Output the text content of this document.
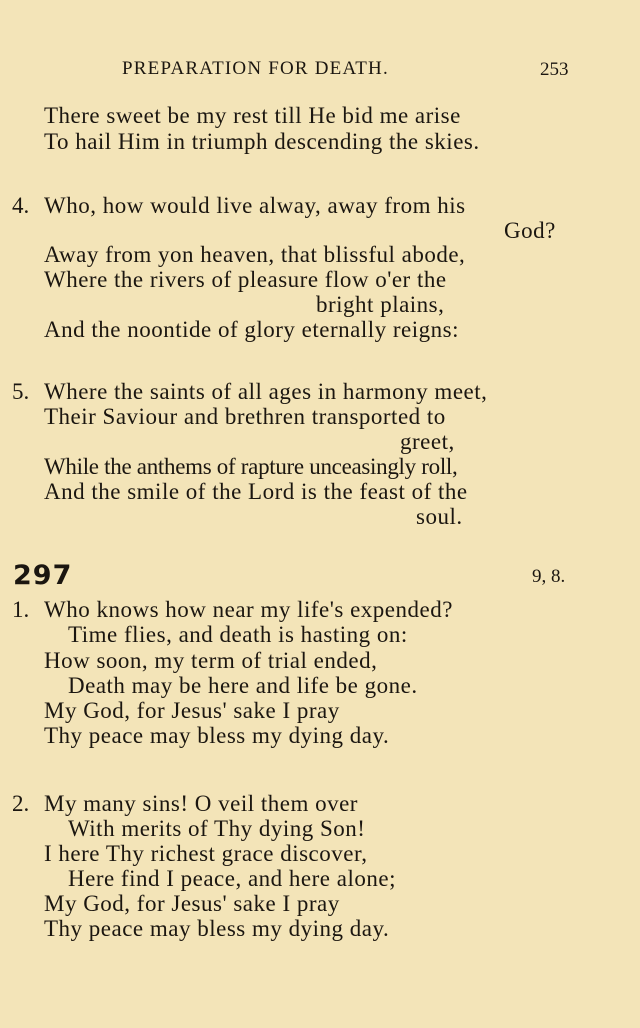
PREPARATION FOR DEATH.	253
There sweet be my rest till He bid me arise
To hail Him in triumph descending the skies.
4. Who, how would live alway, away from his
God?
Away from yon heaven, that blissful abode,
Where the rivers of pleasure flow o'er the
bright plains,
And the noontide of glory eternally reigns:
5. Where the saints of all ages in harmony meet,
Their Saviour and brethren transported to
greet,
While the anthems of rapture unceasingly roll,
And the smile of the Lord is the feast of the
soul.
297	9, 8.
1. Who knows how near my life's expended?
Time flies, and death is hasting on:
How soon, my term of trial ended,
Death may be here and life be gone.
My God, for Jesus' sake I pray
Thy peace may bless my dying day.
2. My many sins! O veil them over
With merits of Thy dying Son!
I here Thy richest grace discover,
Here find I peace, and here alone;
My God, for Jesus' sake I pray
Thy peace may bless my dying day.
